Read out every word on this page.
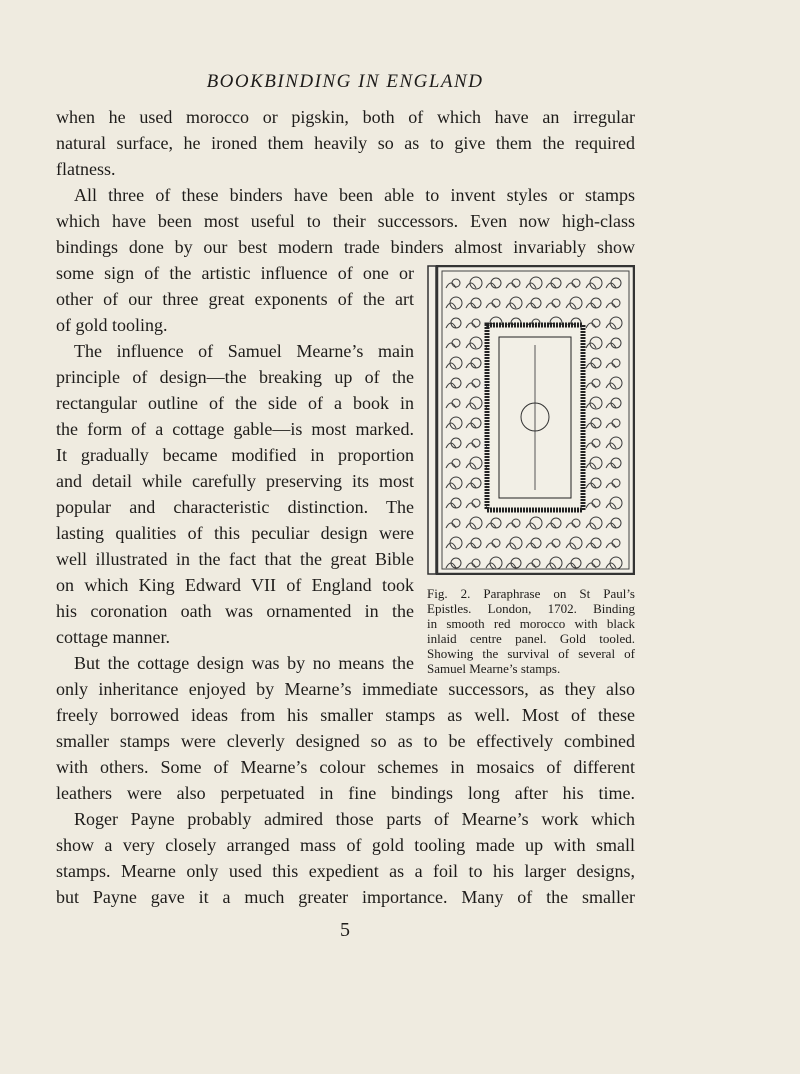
BOOKBINDING IN ENGLAND
when he used morocco or pigskin, both of which have an irregular
natural surface, he ironed them heavily so as to give them the required
flatness.
All three of these binders have been able to invent styles or stamps
which have been most useful to their successors. Even now high-class
bindings done by our best modern trade binders almost invariably show
some sign of the artistic influence of one or
other of our three great exponents of the art
of gold tooling.
The influence of Samuel Mearne’s main
principle of design—the breaking up of the
rectangular outline of the side of a book in
the form of a cottage gable—is most marked.
It gradually became modified in proportion
and detail while carefully preserving its most
popular and characteristic distinction. The
lasting qualities of this peculiar design were
well illustrated in the fact that the great Bible
on which King Edward VII of England took
his coronation oath was ornamented in the
cottage manner.
But the cottage design was by no means the
only inheritance enjoyed by Mearne’s immediate successors, as they also
freely borrowed ideas from his smaller stamps as well. Most of these
smaller stamps were cleverly designed so as to be effectively combined
with others. Some of Mearne’s colour schemes in mosaics of different
leathers were also perpetuated in fine bindings long after his time.
Roger Payne probably admired those parts of Mearne’s work which
show a very closely arranged mass of gold tooling made up with small
stamps. Mearne only used this expedient as a foil to his larger designs,
but Payne gave it a much greater importance. Many of the smaller
Fig. 2. Paraphrase on St Paul’s
Epistles. London, 1702. Binding
in smooth red morocco with black
inlaid centre panel. Gold tooled.
Showing the survival of several of
Samuel Mearne’s stamps.
5
